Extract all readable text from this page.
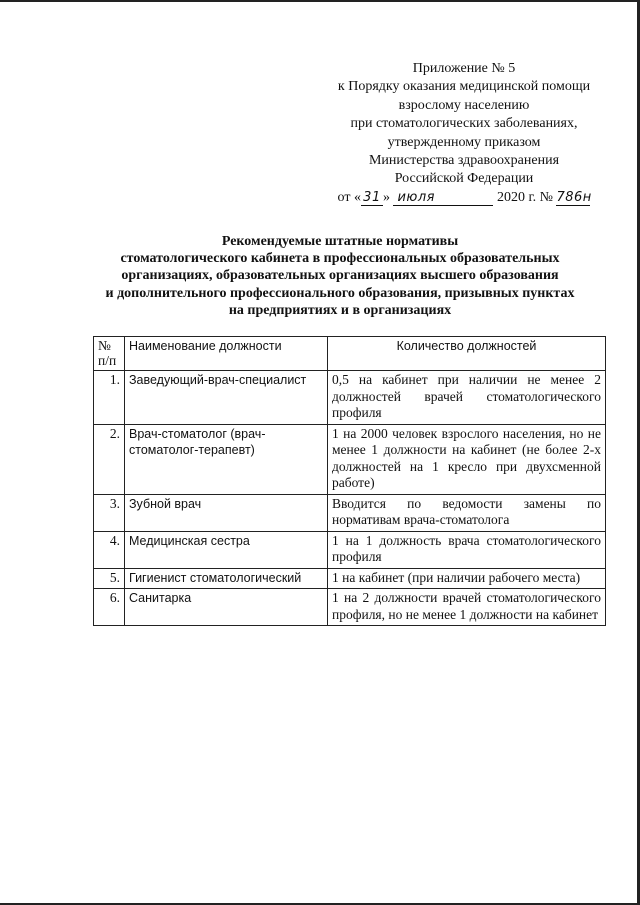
Приложение № 5
к Порядку оказания медицинской помощи
взрослому населению
при стоматологических заболеваниях,
утвержденному приказом
Министерства здравоохранения
Российской Федерации
от « 31 » июля	2020 г. № 786н
Рекомендуемые штатные нормативы
стоматологического кабинета в профессиональных образовательных
организациях, образовательных организациях высшего образования
и дополнительного профессионального образования, призывных пунктах
на предприятиях и в организациях
№ п/п	Наименование должности	Количество должностей
1.	Заведующий-врач-специалист	0,5 на кабинет при наличии не менее 2 должностей врачей стоматологического профиля
2.	Врач-стоматолог (врач-стоматолог-терапевт)	1 на 2000 человек взрослого населения, но не менее 1 должности на кабинет (не более 2-х должностей на 1 кресло при двухсменной работе)
3.	Зубной врач	Вводится по ведомости замены по нормативам врача-стоматолога
4.	Медицинская сестра	1 на 1 должность врача стоматологического профиля
5.	Гигиенист стоматологический	1 на кабинет (при наличии рабочего места)
6.	Санитарка	1 на 2 должности врачей стоматологического профиля, но не менее 1 должности на кабинет
